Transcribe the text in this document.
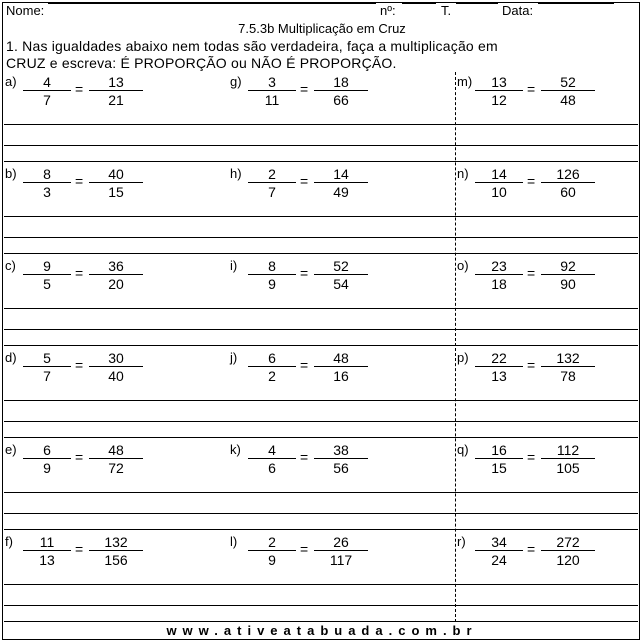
Nome:	nº:	T.	Data:
7.5.3b Multiplicação em Cruz
1. Nas igualdades abaixo nem todas são verdadeira, faça a multiplicação em
CRUZ e escreva: É PROPORÇÃO ou NÃO É PROPORÇÃO.
a)	4
7
=	13
21
g)	3
11
=	18
66
m)	13
12
=	52
48
b)	8
3
=	40
15
h)	2
7
=	14
49
n)	14
10
=	126
60
c)	9
5
=	36
20
i)	8
9
=	52
54
o)	23
18
=	92
90
d)	5
7
=	30
40
j)	6
2
=	48
16
p)	22
13
=	132
78
e)	6
9
=	48
72
k)	4
6
=	38
56
q)	16
15
=	112
105
f)	11
13
=	132
156
l)	2
9
=	26
117
r)	34
24
=	272
120
www.ativeatabuada.com.br
